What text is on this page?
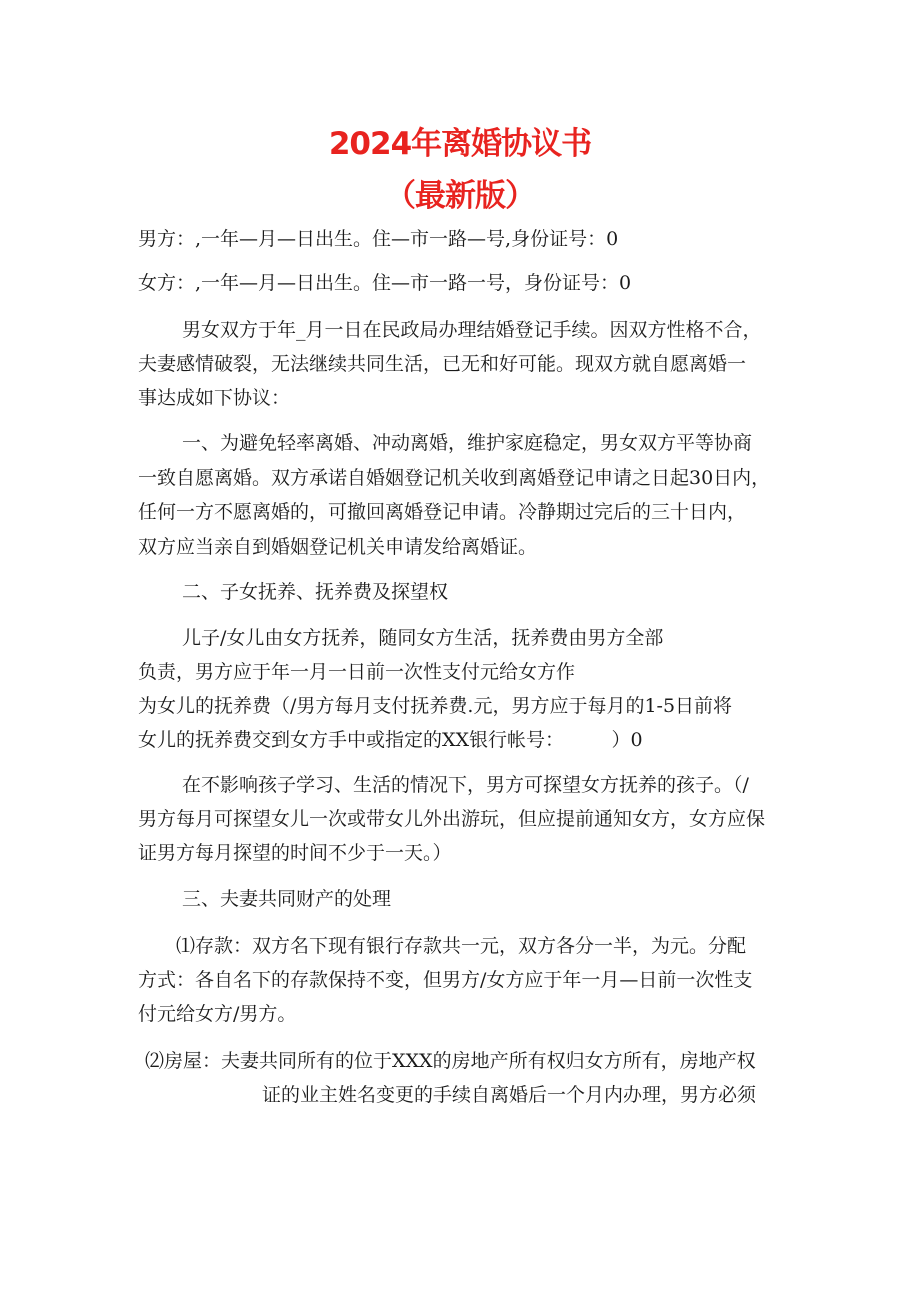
2024年离婚协议书
（最新版）
男方：,一年—月—日出生。住—市一路—号,身份证号：0
女方：,一年—月—日出生。住—市一路一号，身份证号：0
男女双方于年_月一日在民政局办理结婚登记手续。因双方性格不合，
夫妻感情破裂，无法继续共同生活，已无和好可能。现双方就自愿离婚一
事达成如下协议：
一、为避免轻率离婚、冲动离婚，维护家庭稳定，男女双方平等协商
一致自愿离婚。双方承诺自婚姻登记机关收到离婚登记申请之日起30日内，
任何一方不愿离婚的，可撤回离婚登记申请。冷静期过完后的三十日内，
双方应当亲自到婚姻登记机关申请发给离婚证。
二、子女抚养、抚养费及探望权
儿子/女儿由女方抚养，随同女方生活，抚养费由男方全部
负责，男方应于年一月一日前一次性支付元给女方作
为女儿的抚养费（/男方每月支付抚养费.元，男方应于每月的1-5日前将
女儿的抚养费交到女方手中或指定的XX银行帐号：　　　）0
在不影响孩子学习、生活的情况下，男方可探望女方抚养的孩子。（/
男方每月可探望女儿一次或带女儿外出游玩，但应提前通知女方，女方应保
证男方每月探望的时间不少于一天。）
三、夫妻共同财产的处理
⑴存款：双方名下现有银行存款共一元，双方各分一半，为元。分配
方式：各自名下的存款保持不变，但男方/女方应于年一月—日前一次性支
付元给女方/男方。
⑵房屋：夫妻共同所有的位于XXX的房地产所有权归女方所有，房地产权
证的业主姓名变更的手续自离婚后一个月内办理，男方必须
